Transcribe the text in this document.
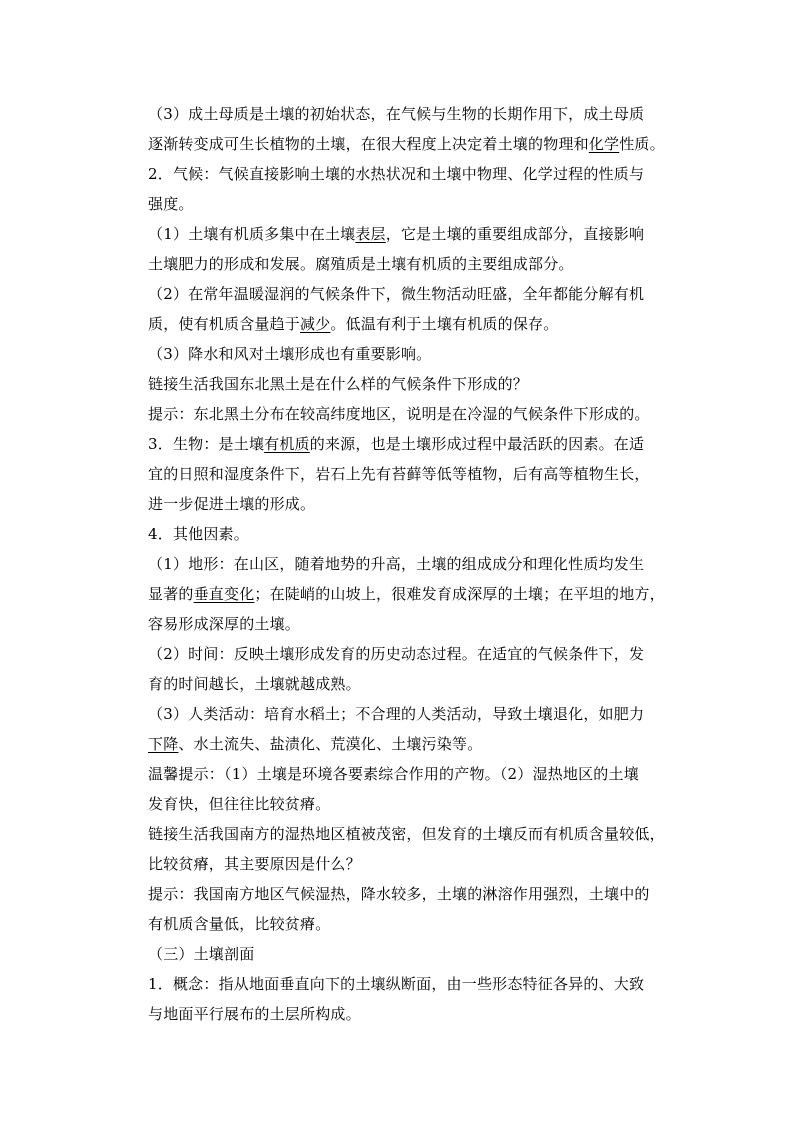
（3）成土母质是土壤的初始状态，在气候与生物的长期作用下，成土母质
逐渐转变成可生长植物的土壤，在很大程度上决定着土壤的物理和化学性质。
2．气候：气候直接影响土壤的水热状况和土壤中物理、化学过程的性质与
强度。
（1）土壤有机质多集中在土壤表层，它是土壤的重要组成部分，直接影响
土壤肥力的形成和发展。腐殖质是土壤有机质的主要组成部分。
（2）在常年温暖湿润的气候条件下，微生物活动旺盛，全年都能分解有机
质，使有机质含量趋于减少。低温有利于土壤有机质的保存。
（3）降水和风对土壤形成也有重要影响。
链接生活我国东北黑土是在什么样的气候条件下形成的？
提示：东北黑土分布在较高纬度地区，说明是在冷湿的气候条件下形成的。
3．生物：是土壤有机质的来源，也是土壤形成过程中最活跃的因素。在适
宜的日照和湿度条件下，岩石上先有苔藓等低等植物，后有高等植物生长，
进一步促进土壤的形成。
4．其他因素。
（1）地形：在山区，随着地势的升高，土壤的组成成分和理化性质均发生
显著的垂直变化；在陡峭的山坡上，很难发育成深厚的土壤；在平坦的地方，
容易形成深厚的土壤。
（2）时间：反映土壤形成发育的历史动态过程。在适宜的气候条件下，发
育的时间越长，土壤就越成熟。
（3）人类活动：培育水稻土；不合理的人类活动，导致土壤退化，如肥力
下降、水土流失、盐渍化、荒漠化、土壤污染等。
温馨提示：（1）土壤是环境各要素综合作用的产物。（2）湿热地区的土壤
发育快，但往往比较贫瘠。
链接生活我国南方的湿热地区植被茂密，但发育的土壤反而有机质含量较低，
比较贫瘠，其主要原因是什么？
提示：我国南方地区气候湿热，降水较多，土壤的淋溶作用强烈，土壤中的
有机质含量低，比较贫瘠。
（三）土壤剖面
1．概念：指从地面垂直向下的土壤纵断面，由一些形态特征各异的、大致
与地面平行展布的土层所构成。
